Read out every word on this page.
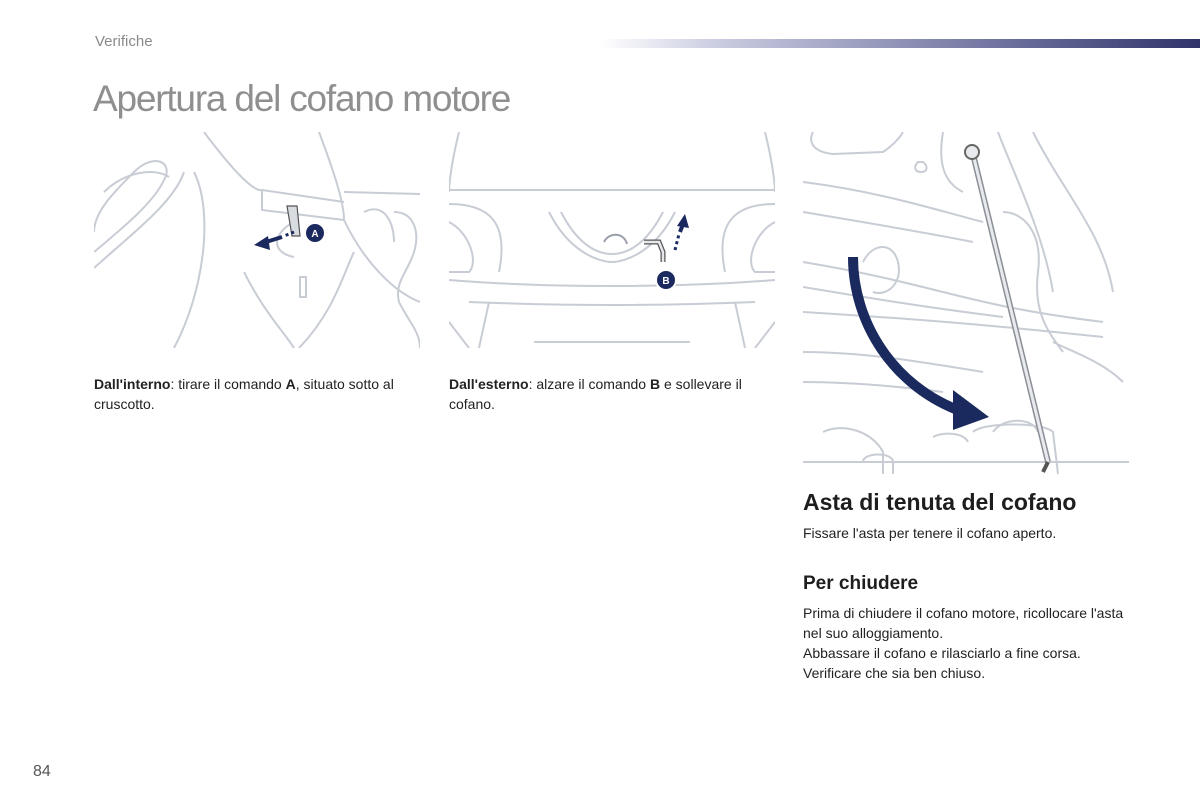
Verifiche
Apertura del cofano motore
A
B
Dall'interno: tirare il comando A, situato sotto al cruscotto.
Dall'esterno: alzare il comando B e sollevare il cofano.
Asta di tenuta del cofano

Fissare l'asta per tenere il cofano aperto.

Per chiudere

Prima di chiudere il cofano motore, ricollocare l'asta nel suo alloggiamento.

Abbassare il cofano e rilasciarlo a fine corsa.

Verificare che sia ben chiuso.

84
